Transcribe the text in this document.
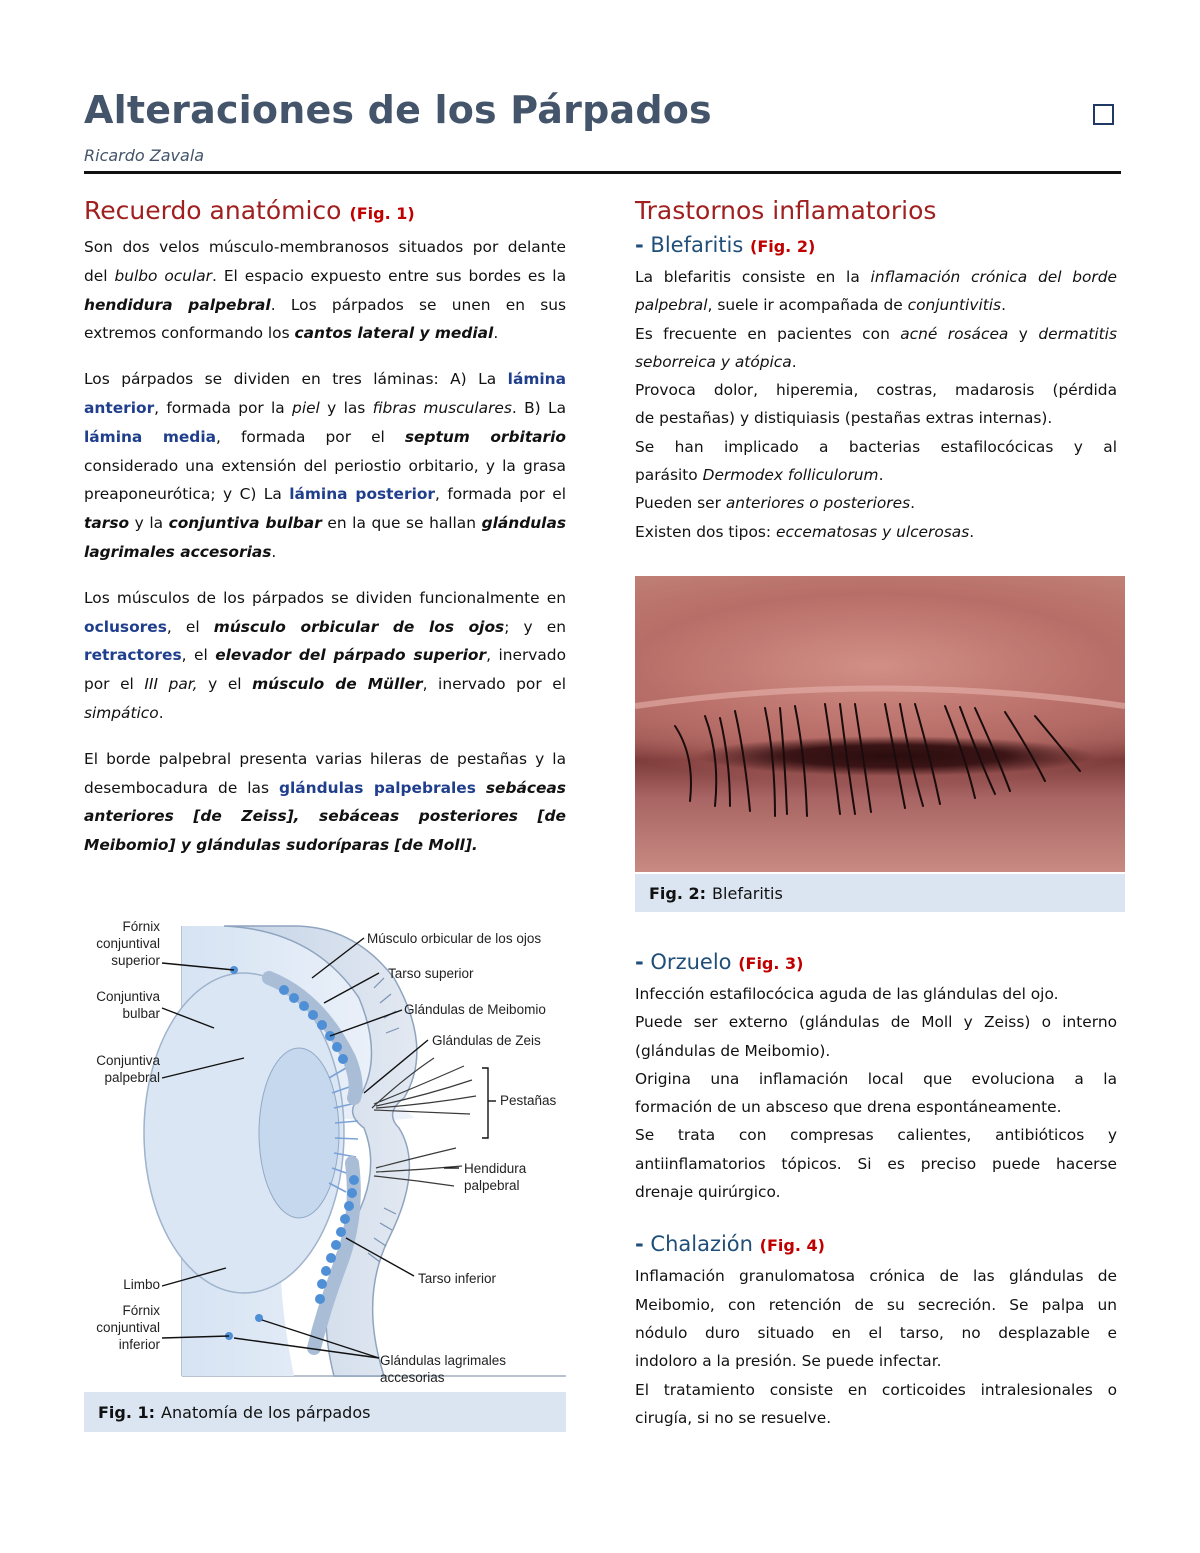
Alteraciones de los Párpados
Ricardo Zavala
Recuerdo anatómico (Fig. 1)

Son dos velos músculo-membranosos situados por delante del bulbo ocular. El espacio expuesto entre sus bordes es la hendidura palpebral. Los párpados se unen en sus extremos conformando los cantos lateral y medial.

Los párpados se dividen en tres láminas: A) La lámina anterior, formada por la piel y las fibras musculares. B) La lámina media, formada por el septum orbitario considerado una extensión del periostio orbitario, y la grasa preaponeurótica; y C) La lámina posterior, formada por el tarso y la conjuntiva bulbar en la que se hallan glándulas lagrimales accesorias.

Los músculos de los párpados se dividen funcionalmente en oclusores, el músculo orbicular de los ojos; y en retractores, el elevador del párpado superior, inervado por el III par, y el músculo de Müller, inervado por el simpático.

El borde palpebral presenta varias hileras de pestañas y la desembocadura de las glándulas palpebrales sebáceas anteriores [de Zeiss], sebáceas posteriores [de Meibomio] y glándulas sudoríparas [de Moll].

Fórnix
conjuntival
superior
Conjuntiva
bulbar
Conjuntiva
palpebral
Limbo
Fórnix
conjuntival
inferior
Músculo orbicular de los ojos
Tarso superior
Glándulas de Meibomio
Glándulas de Zeis
Pestañas
Hendidura
palpebral
Tarso inferior
Glándulas lagrimales
accesorias
Fig. 1: Anatomía de los párpados
Trastornos inflamatorios
- Blefaritis (Fig. 2)
La blefaritis consiste en la inflamación crónica del borde
palpebral, suele ir acompañada de conjuntivitis.
Es frecuente en pacientes con acné rosácea y dermatitis
seborreica y atópica.
Provoca dolor, hiperemia, costras, madarosis (pérdida
de pestañas) y distiquiasis (pestañas extras internas).
Se han implicado a bacterias estafilocócicas y al
parásito Dermodex folliculorum.
Pueden ser anteriores o posteriores.
Existen dos tipos: eccematosas y ulcerosas.
Fig. 2: Blefaritis
- Orzuelo (Fig. 3)
Infección estafilocócica aguda de las glándulas del ojo.
Puede ser externo (glándulas de Moll y Zeiss) o interno
(glándulas de Meibomio).
Origina una inflamación local que evoluciona a la
formación de un absceso que drena espontáneamente.
Se trata con compresas calientes, antibióticos y
antiinflamatorios tópicos. Si es preciso puede hacerse
drenaje quirúrgico.
- Chalazión (Fig. 4)
Inflamación granulomatosa crónica de las glándulas de
Meibomio, con retención de su secreción. Se palpa un
nódulo duro situado en el tarso, no desplazable e
indoloro a la presión. Se puede infectar.
El tratamiento consiste en corticoides intralesionales o
cirugía, si no se resuelve.
